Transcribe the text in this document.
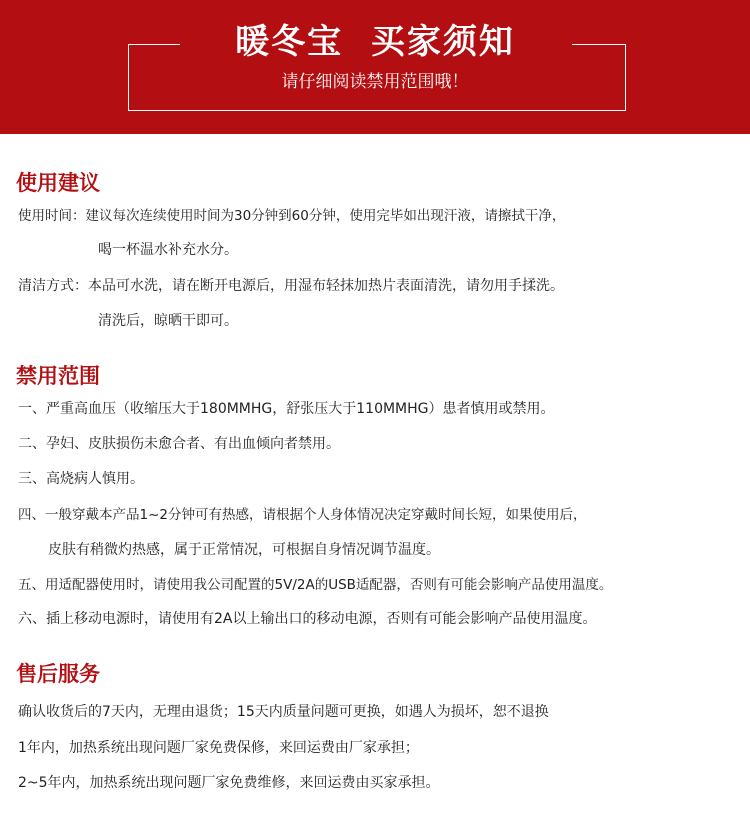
暖冬宝  买家须知
请仔细阅读禁用范围哦！
使用建议
使用时间：建议每次连续使用时间为30分钟到60分钟，使用完毕如出现汗液，请擦拭干净，
喝一杯温水补充水分。
清洁方式：本品可水洗，请在断开电源后，用湿布轻抹加热片表面清洗，请勿用手揉洗。
清洗后，晾晒干即可。
禁用范围
一、严重高血压（收缩压大于180MMHG，舒张压大于110MMHG）患者慎用或禁用。
二、孕妇、皮肤损伤未愈合者、有出血倾向者禁用。
三、高烧病人慎用。
四、一般穿戴本产品1~2分钟可有热感，请根据个人身体情况决定穿戴时间长短，如果使用后，
皮肤有稍微灼热感，属于正常情况，可根据自身情况调节温度。
五、用适配器使用时，请使用我公司配置的5V/2A的USB适配器，否则有可能会影响产品使用温度。
六、插上移动电源时，请使用有2A以上输出口的移动电源，否则有可能会影响产品使用温度。
售后服务
确认收货后的7天内，无理由退货；15天内质量问题可更换，如遇人为损坏，恕不退换
1年内，加热系统出现问题厂家免费保修，来回运费由厂家承担；
2~5年内，加热系统出现问题厂家免费维修，来回运费由买家承担。
